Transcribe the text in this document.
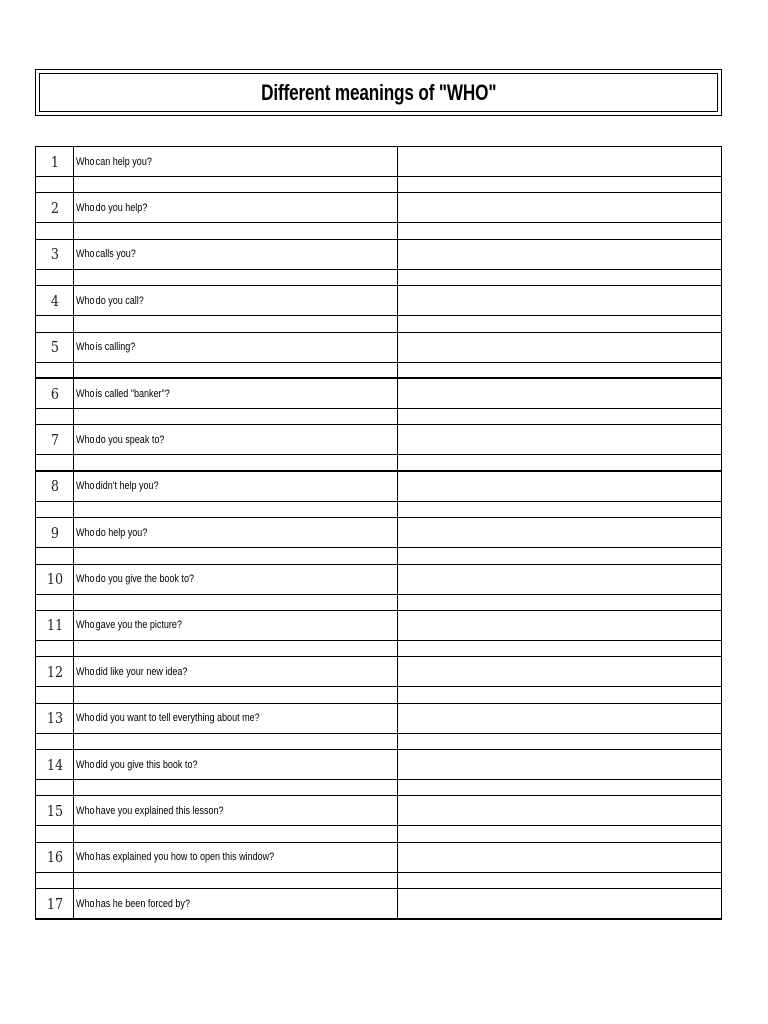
Different meanings of "WHO"
1	Whocan help you?	

2	Whodo you help?	

3	Whocalls you?	

4	Whodo you call?	

5	Whois calling?	

6	Whois called "banker"?	

7	Whodo you speak to?	

8	Whodidn't help you?	

9	Whodo help you?	

10	Whodo you give the book to?	

11	Whogave you the picture?	

12	Whodid like your new idea?	

13	Whodid you want to tell everything about me?	

14	Whodid you give this book to?	

15	Whohave you explained this lesson?	

16	Whohas explained you how to open this window?	

17	Whohas he been forced by?	
